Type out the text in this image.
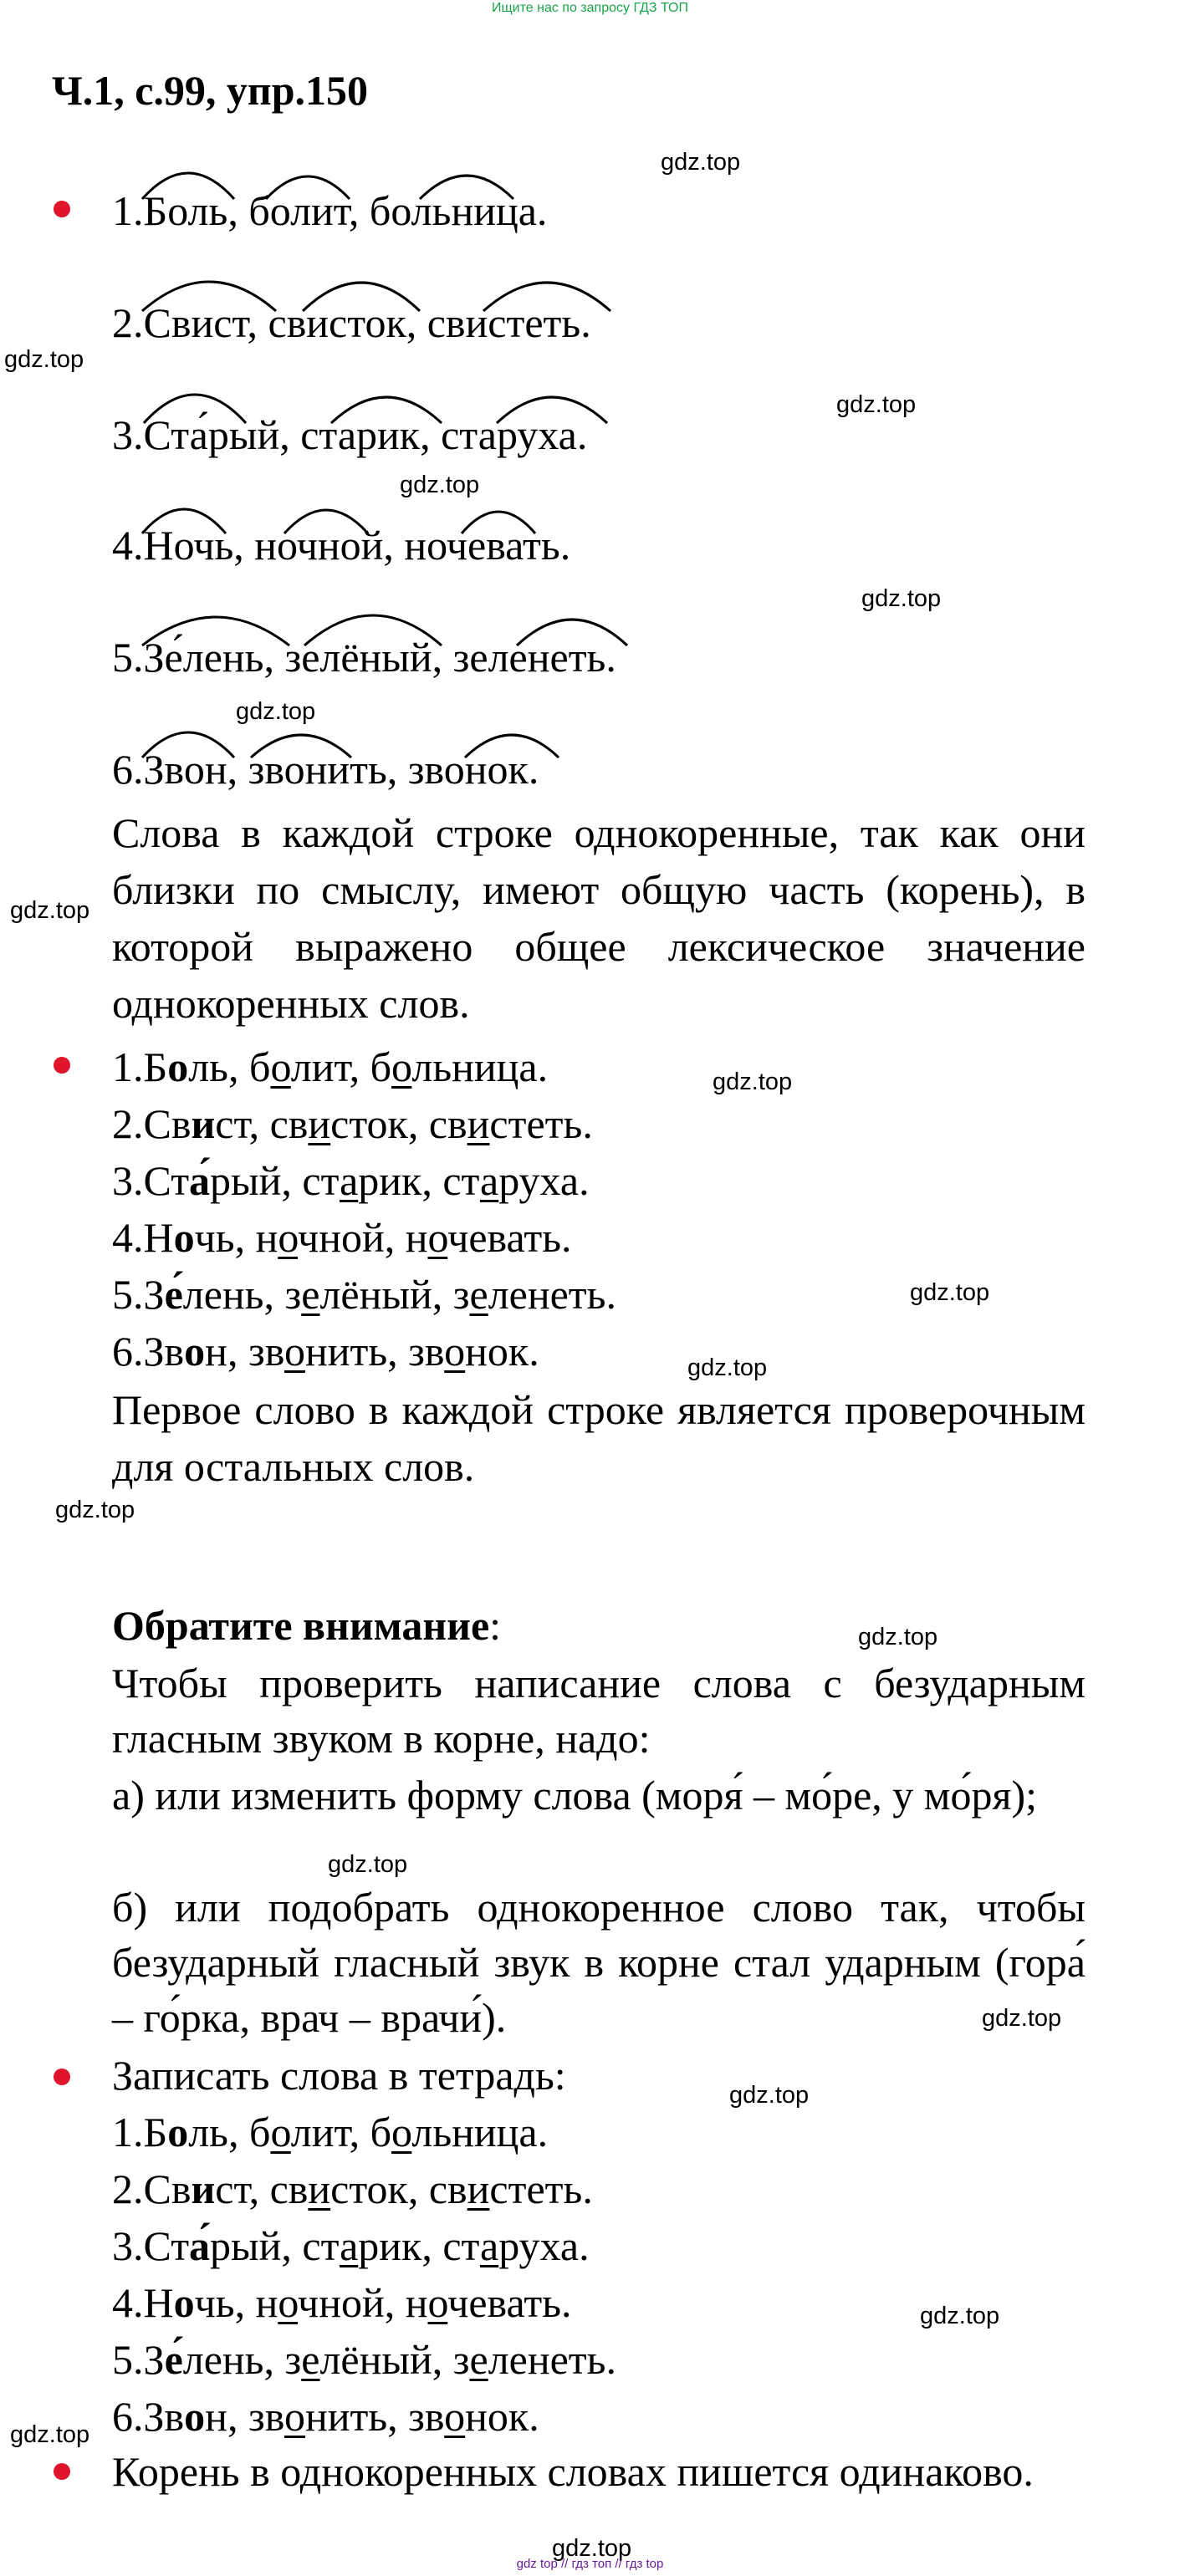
Ищите нас по запросу ГДЗ ТОП
Ч.1, с.99, упр.150
gdz.top
gdz.top
gdz.top
gdz.top
gdz.top
gdz.top
gdz.top
gdz.top
gdz.top
gdz.top
gdz.top
gdz.top
gdz.top
gdz.top
gdz.top
gdz.top
gdz.top
gdz.top
1.Боль, болит, больница.
2.Свист, свисток, свистеть.
3.Ста́рый, старик, старуха.
4.Ночь, ночной, ночевать.
5.Зе́лень, зелёный, зеленеть.
6.Звон, звонить, звонок.

Слова в каждой строке однокоренные, так как они близки по смыслу, имеют общую часть (корень), в которой выражено общее лексическое значение однокоренных слов.

1.Боль, болит, больница.
2.Свист, свисток, свистеть.
3.Ста́рый, старик, старуха.
4.Ночь, ночной, ночевать.
5.Зе́лень, зелёный, зеленеть.
6.Звон, звонить, звонок.

Первое слово в каждой строке является проверочным для остальных слов.

Обратите внимание:

Чтобы проверить написание слова с безударным гласным звуком в корне, надо:

а) или изменить форму слова (моря́ – мо́ре, у мо́ря);

б) или подобрать однокоренное слово так, чтобы безударный гласный звук в корне стал ударным (гора́ – го́рка, врач – врачи́).

Записать слова в тетрадь:
1.Боль, болит, больница.
2.Свист, свисток, свистеть.
3.Ста́рый, старик, старуха.
4.Ночь, ночной, ночевать.
5.Зе́лень, зелёный, зеленеть.
6.Звон, звонить, звонок.

Корень в однокоренных словах пишется одинаково.

gdz top // гдз топ // гдз top
